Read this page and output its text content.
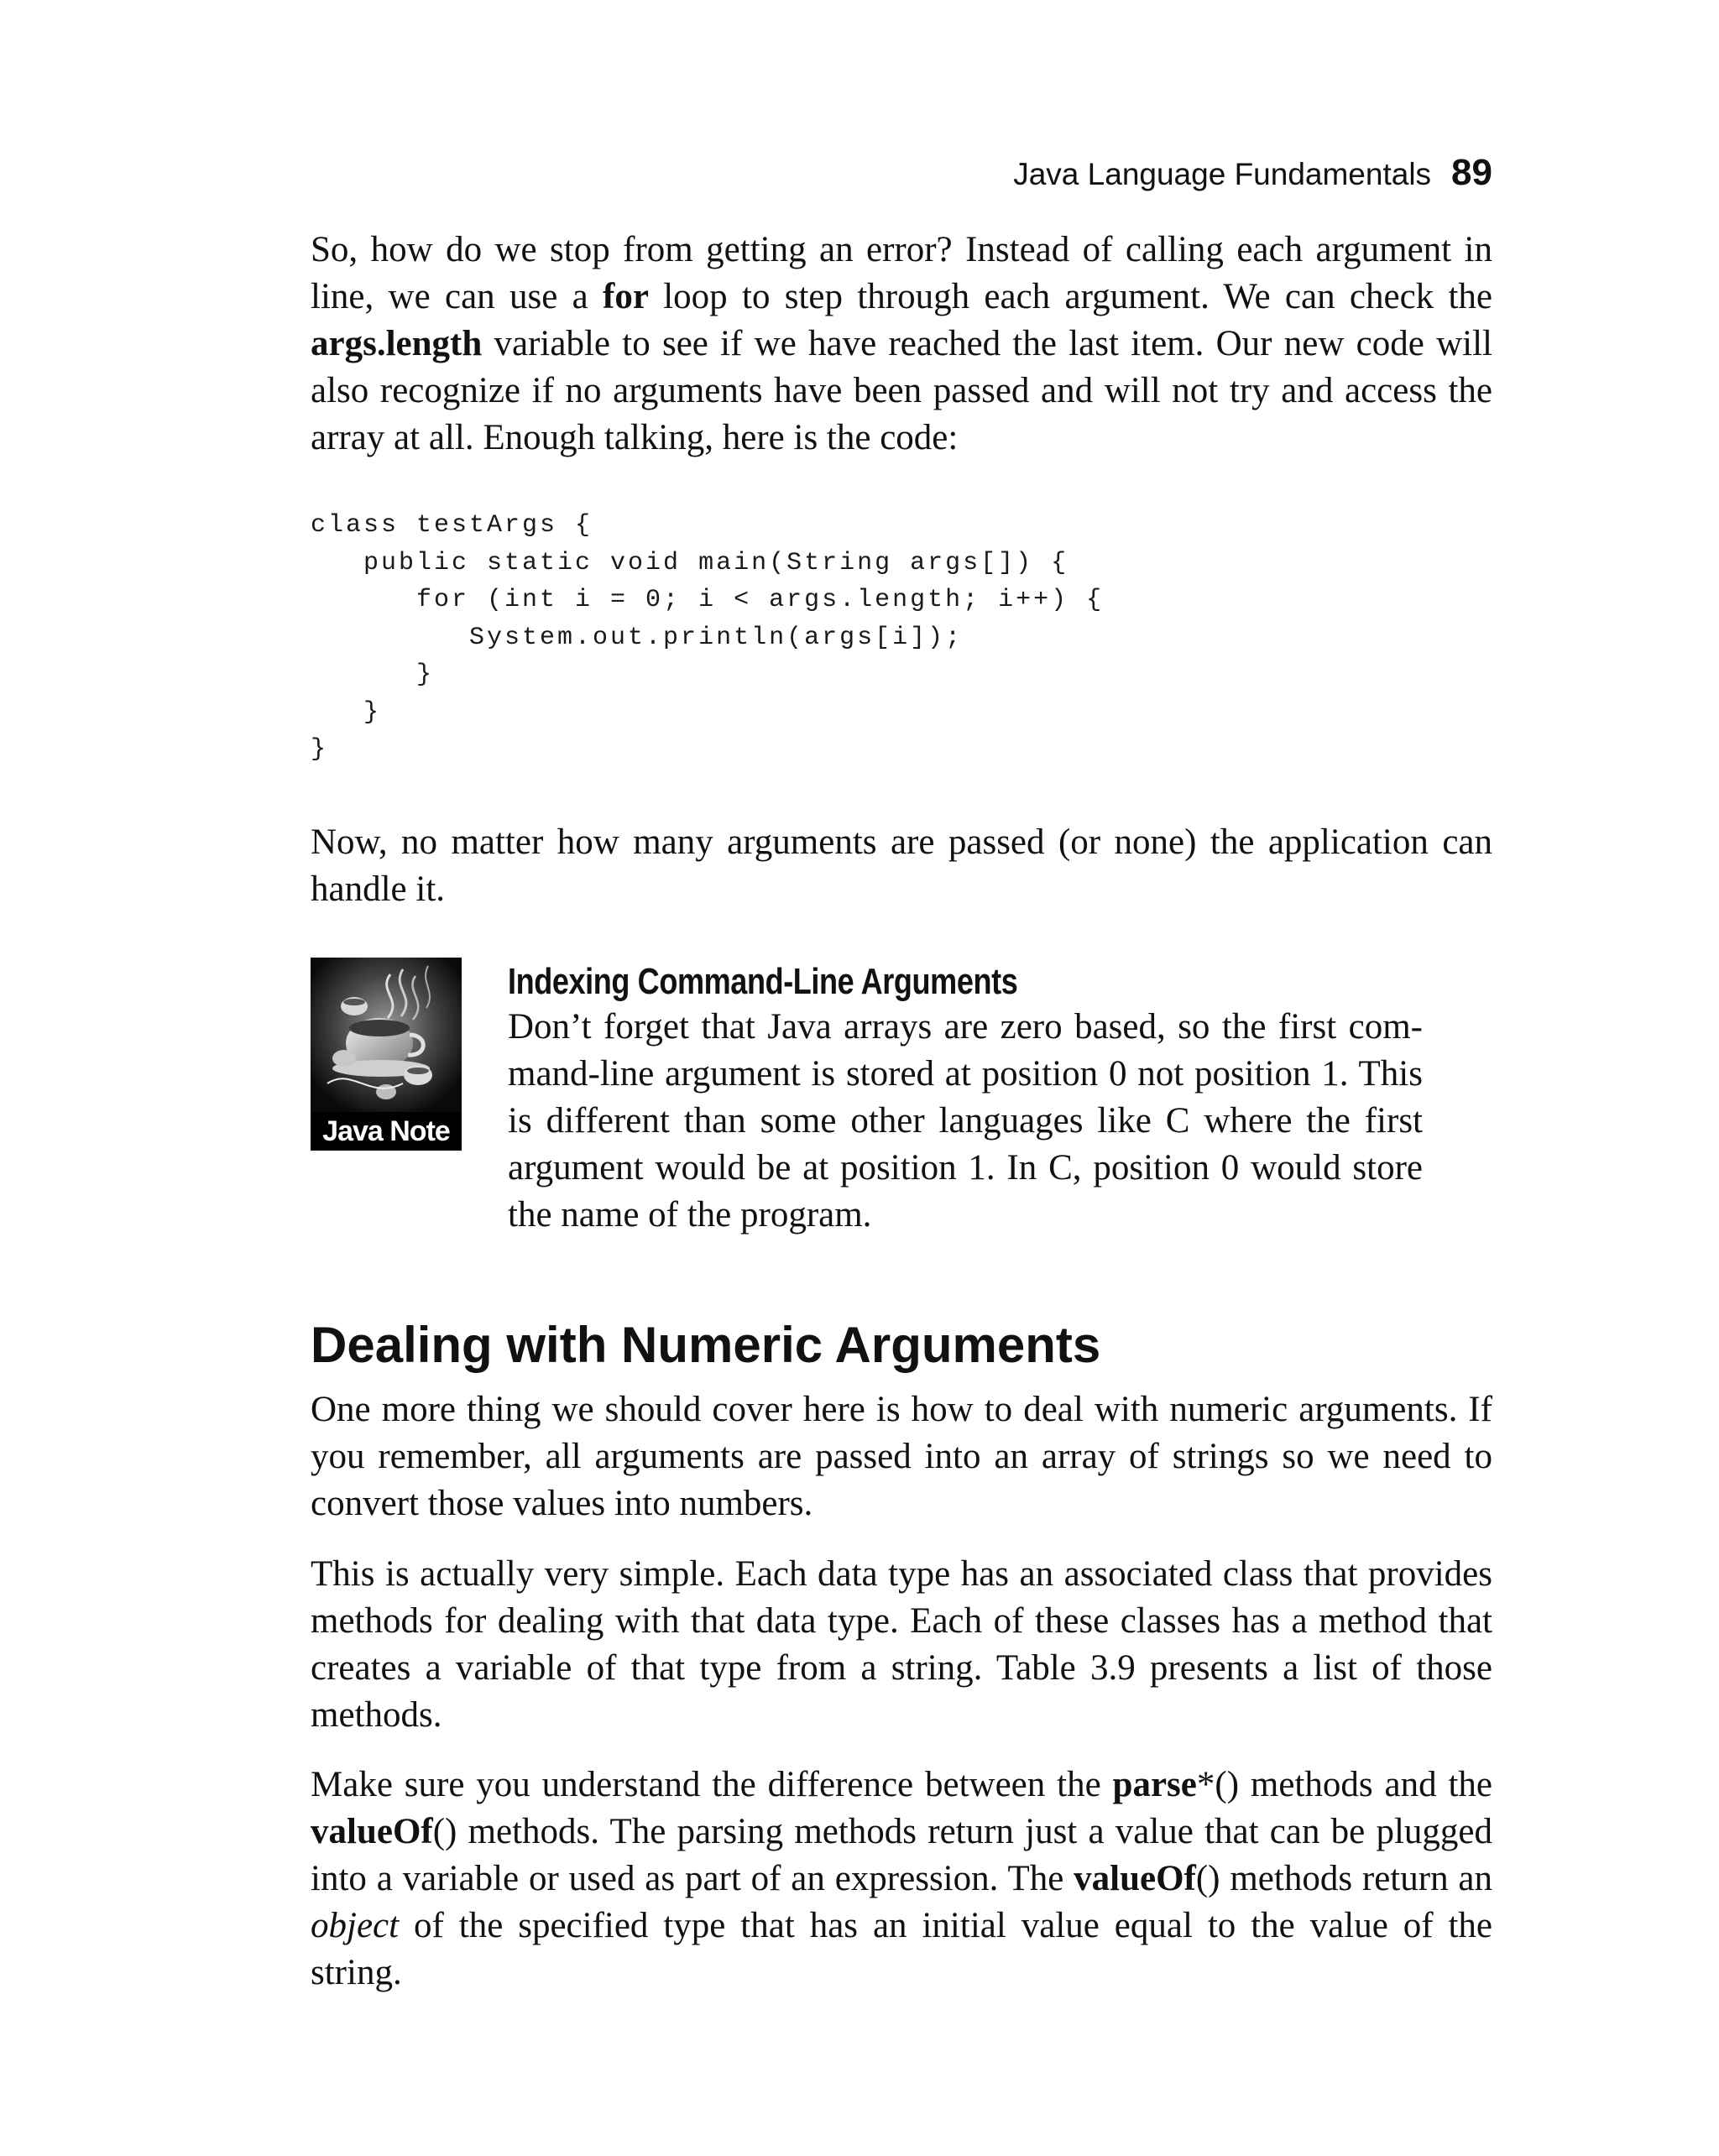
Java Language Fundamentals 89

So, how do we stop from getting an error? Instead of calling each argument in line, we can use a for loop to step through each argument. We can check the args.length variable to see if we have reached the last item. Our new code will also recognize if no arguments have been passed and will not try and access the array at all. Enough talking, here is the code:

class testArgs {
public static void main(String args[]) {
for (int i = 0; i < args.length; i++) {
System.out.println(args[i]);
}
}
}

Now, no matter how many arguments are passed (or none) the application can handle it.

Java Note
Indexing Command-Line Arguments

Don’t forget that Java arrays are zero based, so the first command-line argument is stored at position 0 not position 1. This is different than some other languages like C where the first argument would be at position 1. In C, position 0 would store the name of the program.

Dealing with Numeric Arguments

One more thing we should cover here is how to deal with numeric arguments. If you remember, all arguments are passed into an array of strings so we need to convert those values into numbers.

This is actually very simple. Each data type has an associated class that provides methods for dealing with that data type. Each of these classes has a method that creates a variable of that type from a string. Table 3.9 presents a list of those methods.

Make sure you understand the difference between the parse*() methods and the valueOf() methods. The parsing methods return just a value that can be plugged into a variable or used as part of an expression. The valueOf() methods return an object of the specified type that has an initial value equal to the value of the string.
